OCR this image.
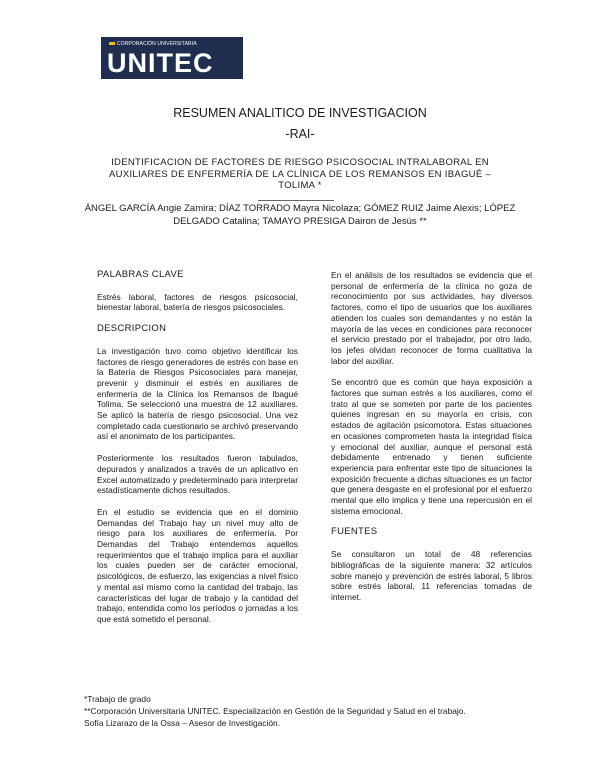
CORPORACIÓN UNIVERSITARIA
UNITEC
RESUMEN ANALITICO DE INVESTIGACION
-RAI-
IDENTIFICACION DE FACTORES DE RIESGO PSICOSOCIAL INTRALABORAL EN AUXILIARES DE ENFERMERÍA DE LA CLÍNICA DE LOS REMANSOS EN IBAGUÉ – TOLIMA *
ÁNGEL GARCÍA Angie Zamira; DÍAZ TORRADO Mayra Nicolaza; GÓMEZ RUIZ Jaime Alexis; LÓPEZ DELGADO Catalina; TAMAYO PRESIGA Dairon de Jesús **

PALABRAS CLAVE

Estrés laboral, factores de riesgos psicosocial, bienestar laboral, batería de riesgos psicosociales.

DESCRIPCION

La investigación tuvo como objetivo identificar los factores de riesgo generadores de estrés con base en la Batería de Riesgos Psicosociales para manejar, prevenir y disminuir el estrés en auxiliares de enfermería de la Clínica los Remansos de Ibagué Tolima. Se seleccionó una muestra de 12 auxiliares. Se aplicó la batería de riesgo psicosocial. Una vez completado cada cuestionario se archivó preservando así el anonimato de los participantes.

Posteriormente los resultados fueron tabulados, depurados y analizados a través de un aplicativo en Excel automatizado y predeterminado para interpretar estadísticamente dichos resultados.

En el estudio se evidencia que en el dominio Demandas del Trabajo hay un nivel muy alto de riesgo para los auxiliares de enfermería. Por Demandas del Trabajo entendemos aquellos requerimientos que el trabajo implica para el auxiliar los cuales pueden ser de carácter emocional, psicológicos, de esfuerzo, las exigencias a nivel físico y mental así mismo como la cantidad del trabajo, las características del lugar de trabajo y la cantidad del trabajo, entendida como los períodos o jornadas a los que está sometido el personal.

En el análisis de los resultados se evidencia que el personal de enfermería de la clínica no goza de reconocimiento por sus actividades, hay diversos factores, como el tipo de usuarios que los auxiliares atienden los cuales son demandantes y no están la mayoría de las veces en condiciones para reconocer el servicio prestado por el trabajador, por otro lado, los jefes olvidan reconocer de forma cualitativa la labor del auxiliar.

Se encontró que es común que haya exposición a factores que suman estrés a los auxiliares, como el trato al que se someten por parte de los pacientes quienes ingresan en su mayoría en crisis, con estados de agitación psicomotora. Estas situaciones en ocasiones comprometen hasta la integridad física y emocional del auxiliar, aunque el personal está debidamente entrenado y tienen suficiente experiencia para enfrentar este tipo de situaciones la exposición frecuente a dichas situaciones es un factor que genera desgaste en el profesional por el esfuerzo mental que ello implica y tiene una repercusión en el sistema emocional.

FUENTES

Se consultaron un total de 48 referencias bibliográficas de la siguiente manera: 32 artículos sobre manejo y prevención de estrés laboral, 5 libros sobre estrés laboral, 11 referencias tomadas de internet.

*Trabajo de grado
**Corporación Universitaria UNITEC. Especialización en Gestión de la Seguridad y Salud en el trabajo.
Sofía Lizarazo de la Ossa – Asesor de Investigación.
